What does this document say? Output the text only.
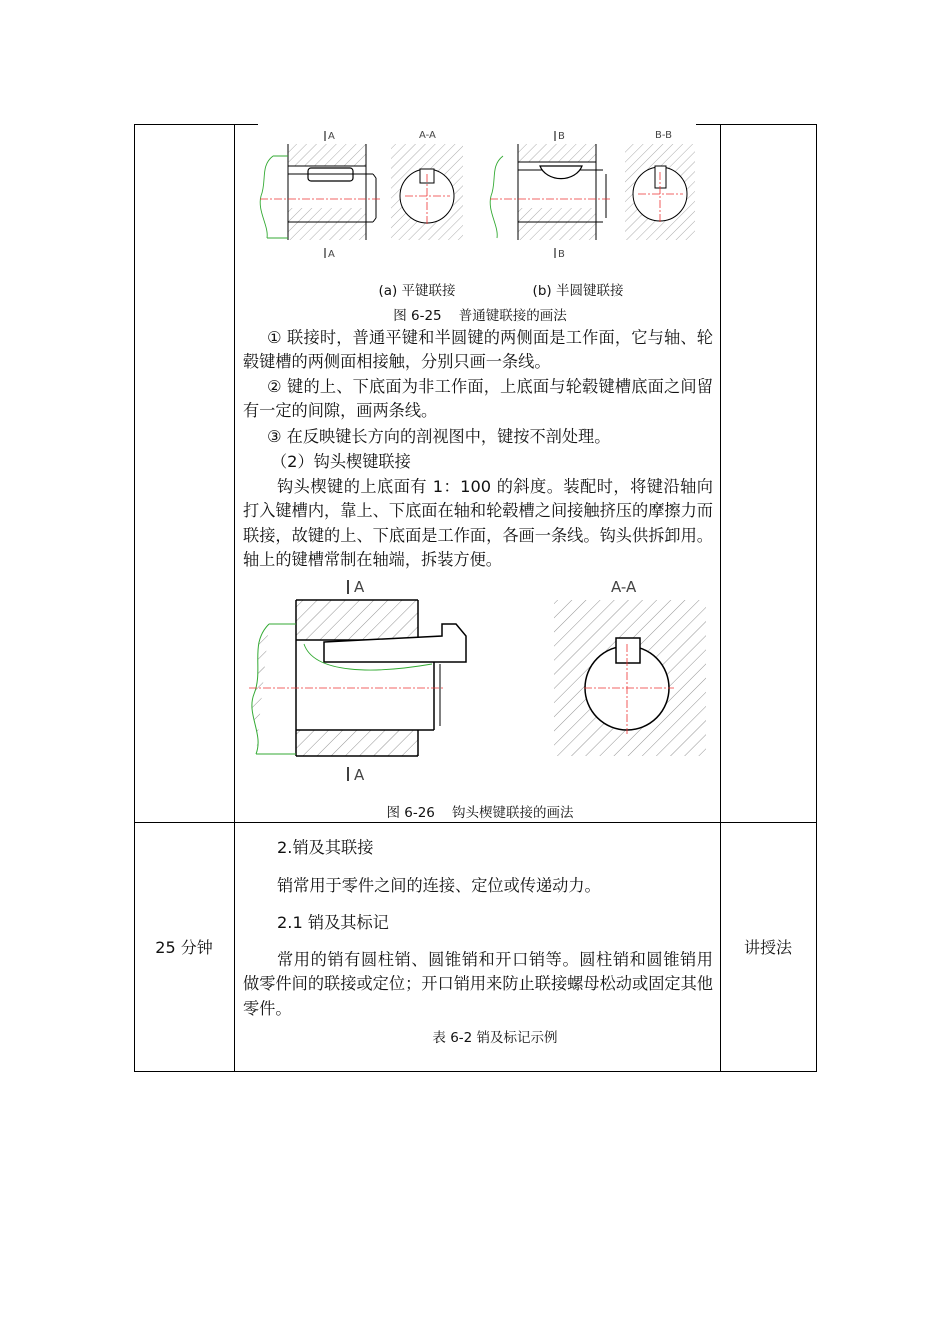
A
A
A-A	B
B
B-B
(a) 平键联接	(b) 半圆键联接
图 6-25    普通键联接的画法
① 联接时，普通平键和半圆键的两侧面是工作面，它与轴、轮毂键槽的两侧面相接触，分别只画一条线。
② 键的上、下底面为非工作面，上底面与轮毂键槽底面之间留有一定的间隙，画两条线。
③ 在反映键长方向的剖视图中，键按不剖处理。
（2）钩头楔键联接
钩头楔键的上底面有 1：100 的斜度。装配时，将键沿轴向打入键槽内，靠上、下底面在轴和轮毂槽之间接触挤压的摩擦力而联接，故键的上、下底面是工作面，各画一条线。钩头供拆卸用。轴上的键槽常制在轴端，拆装方便。
A
A
A-A
图 6-26    钩头楔键联接的画法
25 分钟	讲授法
2.销及其联接
销常用于零件之间的连接、定位或传递动力。
2.1 销及其标记
常用的销有圆柱销、圆锥销和开口销等。圆柱销和圆锥销用做零件间的联接或定位；开口销用来防止联接螺母松动或固定其他零件。
表 6-2 销及标记示例
